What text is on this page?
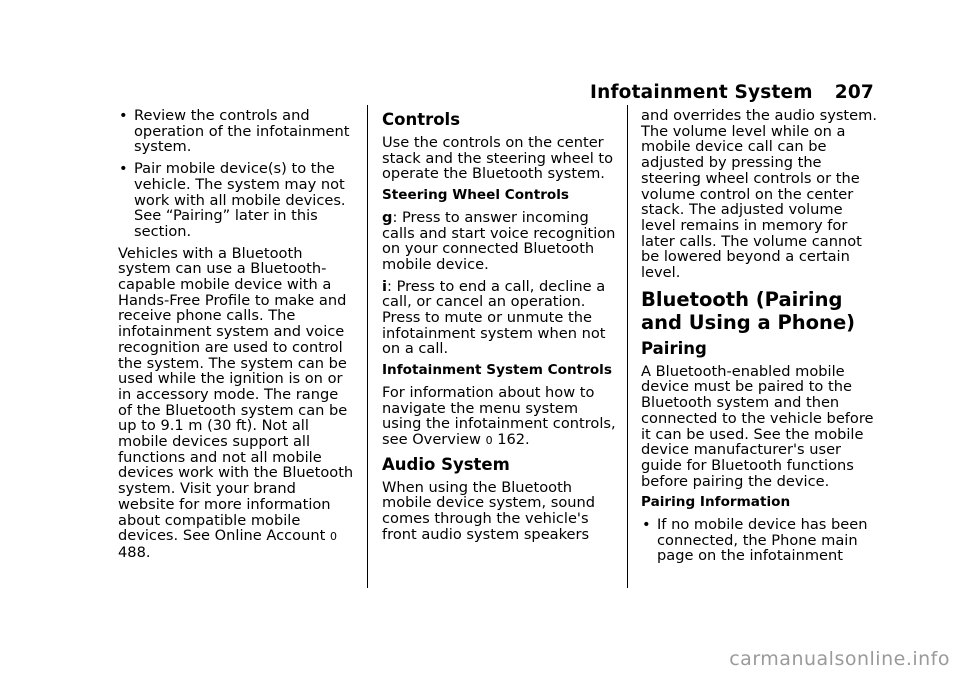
Infotainment System 207
• Review the controls and operation of the infotainment system.
• Pair mobile device(s) to the vehicle. The system may not work with all mobile devices. See “Pairing” later in this section.

Vehicles with a Bluetooth system can use a Bluetooth-capable mobile device with a Hands-Free Profile to make and receive phone calls. The infotainment system and voice recognition are used to control the system. The system can be used while the ignition is on or in accessory mode. The range of the Bluetooth system can be up to 9.1 m (30 ft). Not all mobile devices support all functions and not all mobile devices work with the Bluetooth system. Visit your brand website for more information about compatible mobile devices. See Online Account 0 488.

Controls

Use the controls on the center stack and the steering wheel to operate the Bluetooth system.

Steering Wheel Controls

g: Press to answer incoming calls and start voice recognition on your connected Bluetooth mobile device.

i: Press to end a call, decline a call, or cancel an operation. Press to mute or unmute the infotainment system when not on a call.

Infotainment System Controls

For information about how to navigate the menu system using the infotainment controls, see Overview 0 162.

Audio System

When using the Bluetooth mobile device system, sound comes through the vehicle's front audio system speakers

and overrides the audio system. The volume level while on a mobile device call can be adjusted by pressing the steering wheel controls or the volume control on the center stack. The adjusted volume level remains in memory for later calls. The volume cannot be lowered beyond a certain level.

Bluetooth (Pairing and Using a Phone)
Pairing

A Bluetooth-enabled mobile device must be paired to the Bluetooth system and then connected to the vehicle before it can be used. See the mobile device manufacturer's user guide for Bluetooth functions before pairing the device.

Pairing Information
• If no mobile device has been connected, the Phone main page on the infotainment
carmanualsonline.info
